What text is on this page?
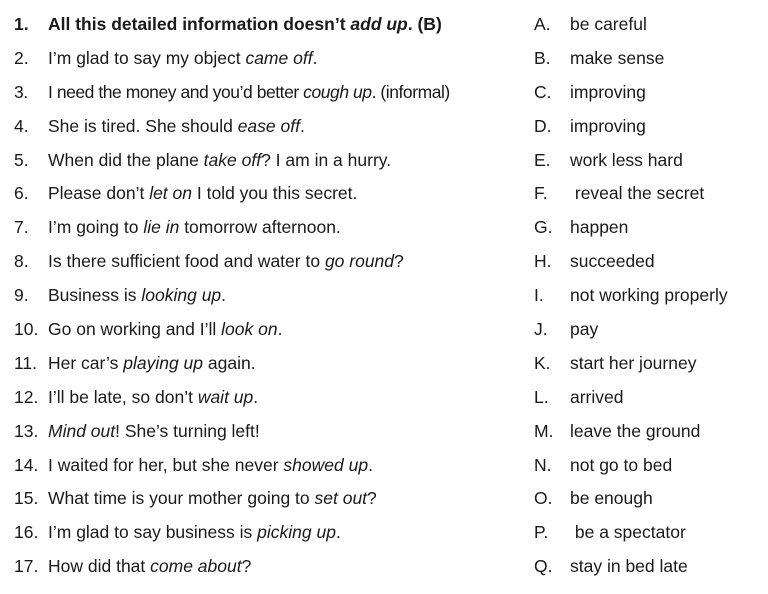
1.	All this detailed information doesn’t add up. (B)
2.	I’m glad to say my object came off.
3.	I need the money and you’d better cough up. (informal)
4.	She is tired. She should ease off.
5.	When did the plane take off? I am in a hurry.
6.	Please don’t let on I told you this secret.
7.	I’m going to lie in tomorrow afternoon.
8.	Is there sufficient food and water to go round?
9.	Business is looking up.
10. Go on working and I’ll look on.
11. Her car’s playing up again.
12. I’ll be late, so don’t wait up.
13. Mind out! She’s turning left!
14. I waited for her, but she never showed up.
15. What time is your mother going to set out?
16. I’m glad to say business is picking up.
17. How did that come about?
A.	be careful
B.	make sense
C.	improving
D.	improving
E.	work less hard
F.	reveal the secret
G.	happen
H.	succeeded
I.	not working properly
J.	pay
K.	start her journey
L.	arrived
M. leave the ground
N.	not go to bed
O.	be enough
P.	be a spectator
Q.	stay in bed late
